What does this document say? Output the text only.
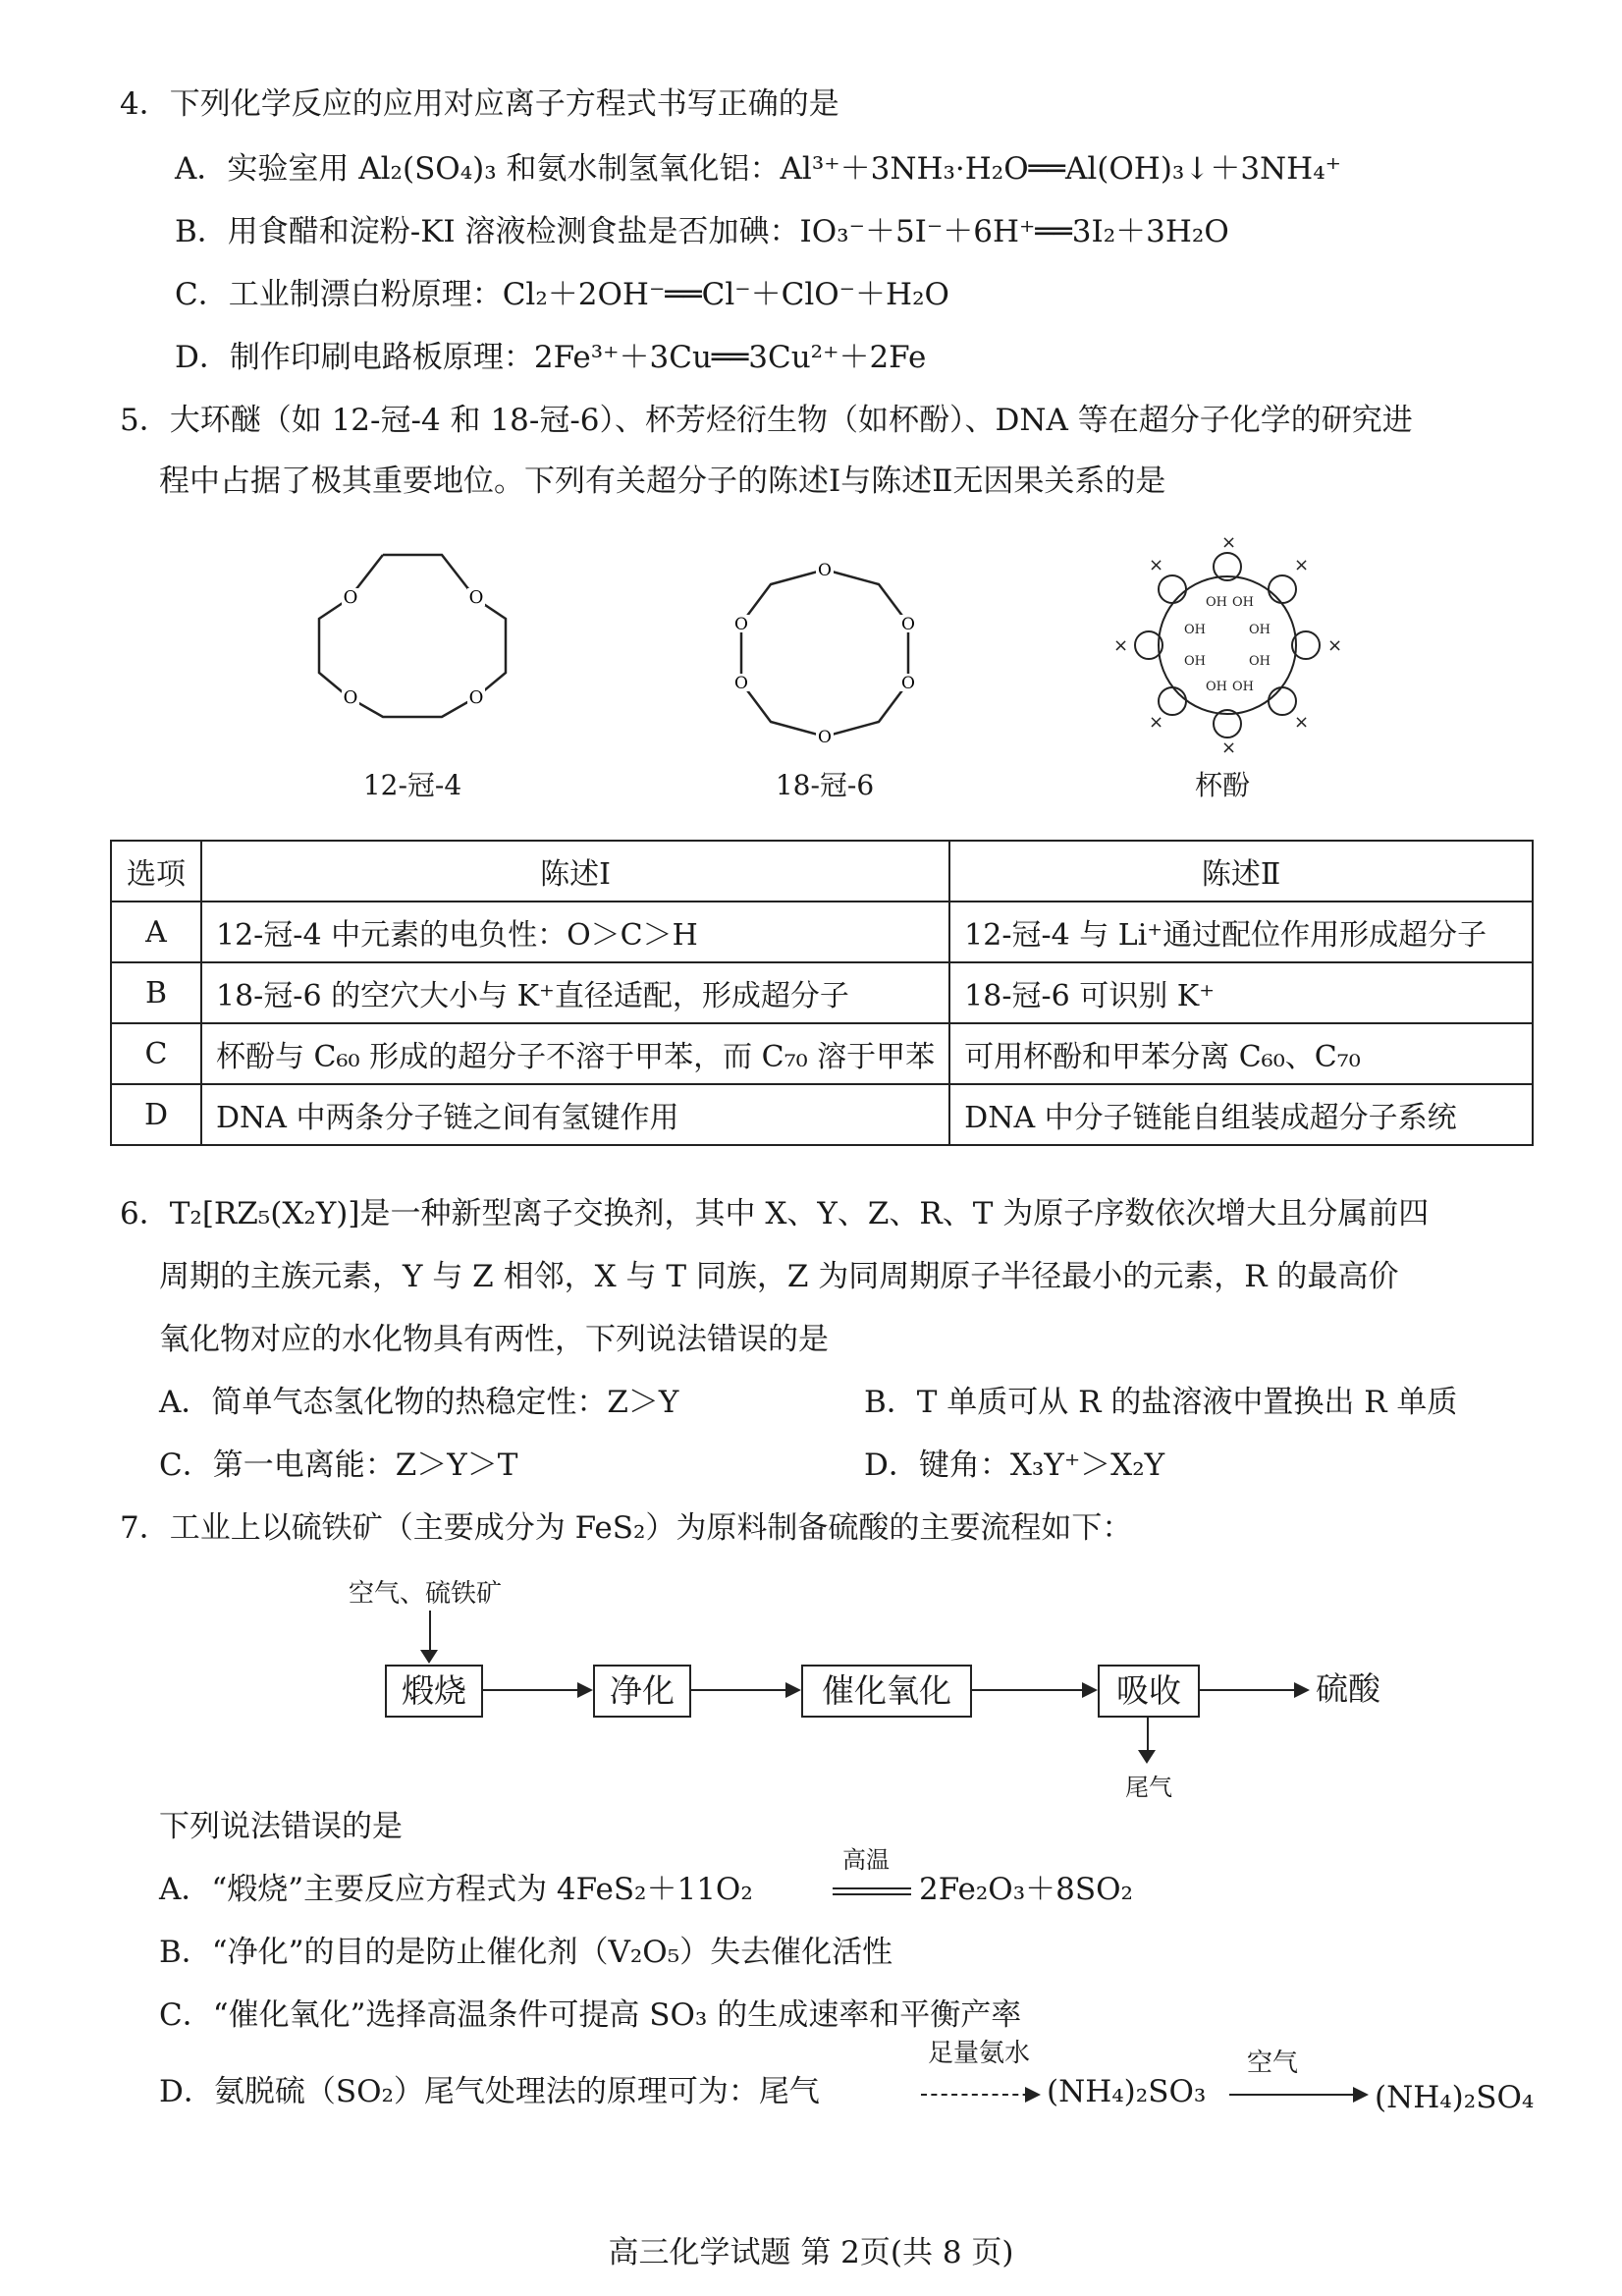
4．下列化学反应的应用对应离子方程式书写正确的是
A．实验室用 Al₂(SO₄)₃ 和氨水制氢氧化铝：Al³⁺＋3NH₃·H₂O══Al(OH)₃↓＋3NH₄⁺
B．用食醋和淀粉-KI 溶液检测食盐是否加碘：IO₃⁻＋5I⁻＋6H⁺══3I₂＋3H₂O
C．工业制漂白粉原理：Cl₂＋2OH⁻══Cl⁻＋ClO⁻＋H₂O
D．制作印刷电路板原理：2Fe³⁺＋3Cu══3Cu²⁺＋2Fe
5．大环醚（如 12-冠-4 和 18-冠-6）、杯芳烃衍生物（如杯酚）、DNA 等在超分子化学的研究进
程中占据了极其重要地位。下列有关超分子的陈述Ⅰ与陈述Ⅱ无因果关系的是
O	O
O	O
12-冠-4
O
O
O
O
O
O
18-冠-6
×
×
×
×
×
×
×
×
OH OH
OH
OH
OH
OH
OH
OH
杯酚
选项	陈述Ⅰ	陈述Ⅱ
A	12-冠-4 中元素的电负性：O＞C＞H	12-冠-4 与 Li⁺通过配位作用形成超分子
B	18-冠-6 的空穴大小与 K⁺直径适配，形成超分子	18-冠-6 可识别 K⁺
C	杯酚与 C₆₀ 形成的超分子不溶于甲苯，而 C₇₀ 溶于甲苯	可用杯酚和甲苯分离 C₆₀、C₇₀
D	DNA 中两条分子链之间有氢键作用	DNA 中分子链能自组装成超分子系统
6．T₂[RZ₅(X₂Y)]是一种新型离子交换剂，其中 X、Y、Z、R、T 为原子序数依次增大且分属前四
周期的主族元素，Y 与 Z 相邻，X 与 T 同族，Z 为同周期原子半径最小的元素，R 的最高价
氧化物对应的水化物具有两性，下列说法错误的是
A．简单气态氢化物的热稳定性：Z＞Y	B．T 单质可从 R 的盐溶液中置换出 R 单质
C．第一电离能：Z＞Y＞T	D．键角：X₃Y⁺＞X₂Y
7．工业上以硫铁矿（主要成分为 FeS₂）为原料制备硫酸的主要流程如下：
空气、硫铁矿
煅烧	净化	催化氧化	吸收	硫酸
尾气
下列说法错误的是
A．“煅烧”主要反应方程式为 4FeS₂＋11O₂
高温
2Fe₂O₃＋8SO₂
B．“净化”的目的是防止催化剂（V₂O₅）失去催化活性
C．“催化氧化”选择高温条件可提高 SO₃ 的生成速率和平衡产率
D．氨脱硫（SO₂）尾气处理法的原理可为：尾气
足量氨水
(NH₄)₂SO₃
空气
(NH₄)₂SO₄
高三化学试题 第 2页(共 8 页)
